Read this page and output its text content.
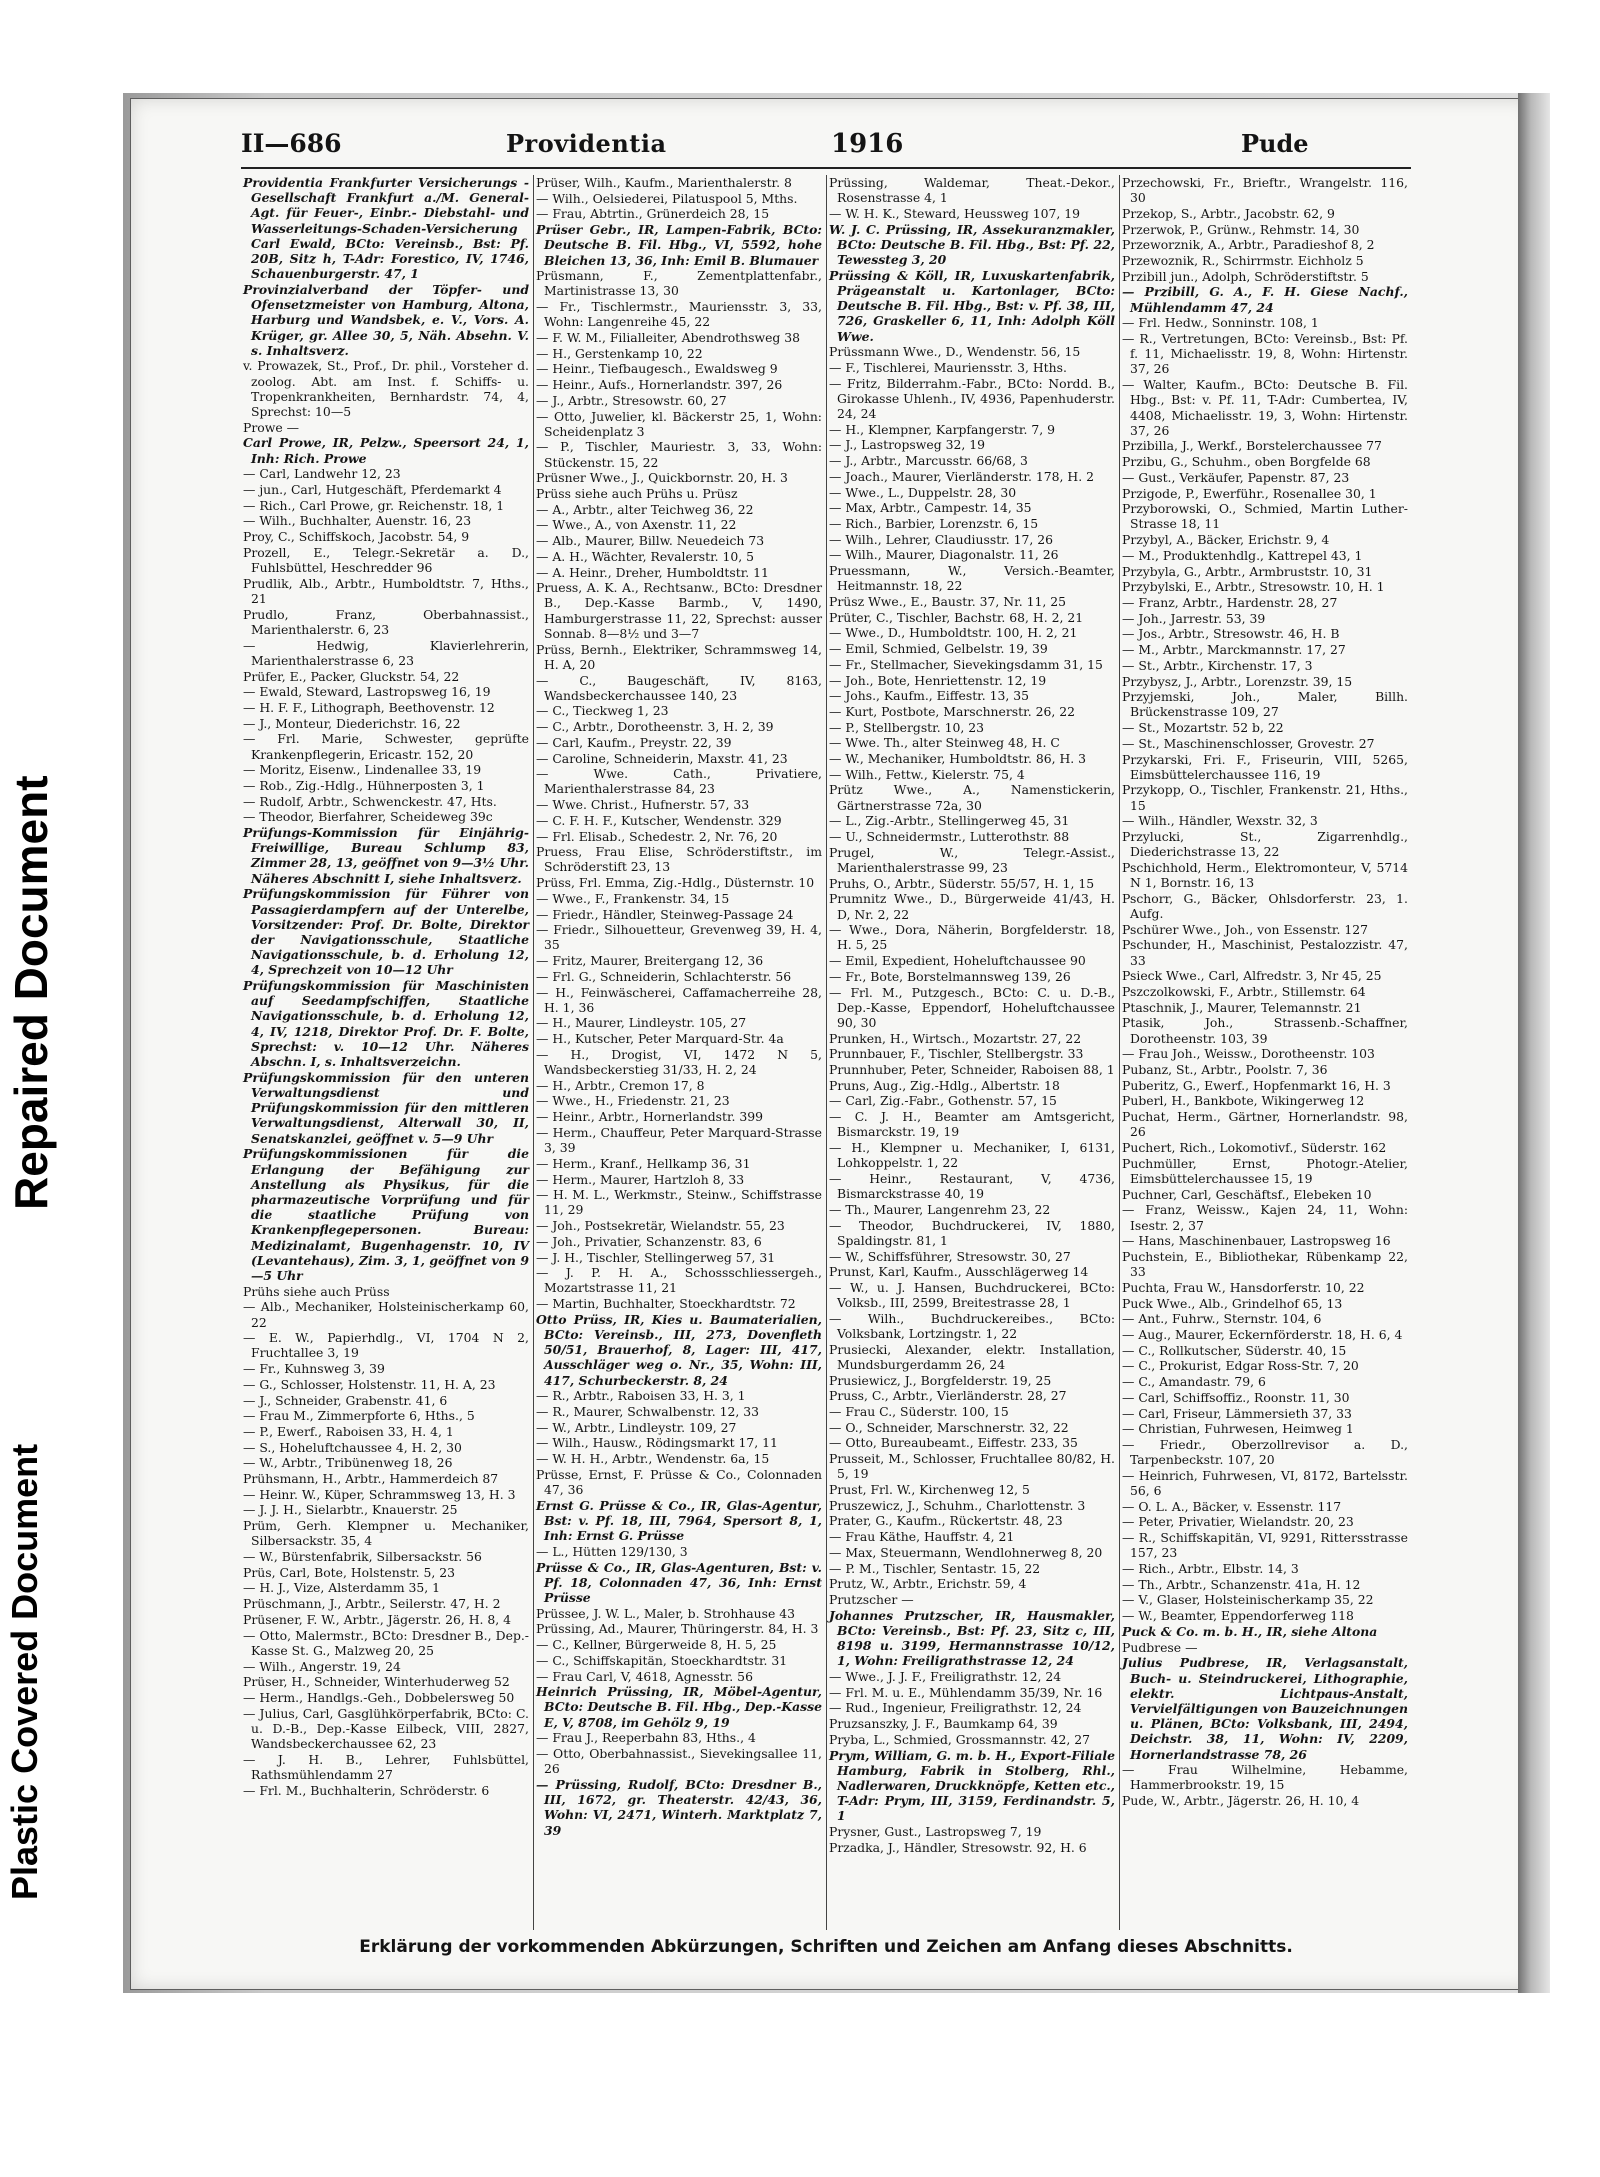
Repaired Document
Plastic Covered Document
II—686	Providentia	1916	Pude
Providentia Frankfurter Versicherungs - Gesellschaft Frankfurt a./M. General-Agt. für Feuer-, Einbr.- Diebstahl- und Wasserleitungs-Schaden-Versicherung Carl Ewald, BCto: Vereinsb., Bst: Pf. 20B, Sitz h, T-Adr: Forestico, IV, 1746, Schauenburgerstr. 47, 1
Provinzialverband der Töpfer- und Ofensetzmeister von Hamburg, Altona, Harburg und Wandsbek, e. V., Vors. A. Krüger, gr. Allee 30, 5, Näh. Absehn. V. s. Inhaltsverz.
v. Prowazek, St., Prof., Dr. phil., Vorsteher d. zoolog. Abt. am Inst. f. Schiffs- u. Tropenkrankheiten, Bernhardstr. 74, 4, Sprechst: 10—5
Prowe —
Carl Prowe, IR, Pelzw., Speersort 24, 1, Inh: Rich. Prowe
— Carl, Landwehr 12, 23
— jun., Carl, Hutgeschäft, Pferdemarkt 4
— Rich., Carl Prowe, gr. Reichenstr. 18, 1
— Wilh., Buchhalter, Auenstr. 16, 23
Proy, C., Schiffskoch, Jacobstr. 54, 9
Prozell, E., Telegr.-Sekretär a. D., Fuhlsbüttel, Heschredder 96
Prudlik, Alb., Arbtr., Humboldtstr. 7, Hths., 21
Prudlo, Franz, Oberbahnassist., Marienthalerstr. 6, 23
— Hedwig, Klavierlehrerin, Marienthalerstrasse 6, 23
Prüfer, E., Packer, Gluckstr. 54, 22
— Ewald, Steward, Lastropsweg 16, 19
— H. F. F., Lithograph, Beethovenstr. 12
— J., Monteur, Diederichstr. 16, 22
— Frl. Marie, Schwester, geprüfte Krankenpflegerin, Ericastr. 152, 20
— Moritz, Eisenw., Lindenallee 33, 19
— Rob., Zig.-Hdlg., Hühnerposten 3, 1
— Rudolf, Arbtr., Schwenckestr. 47, Hts.
— Theodor, Bierfahrer, Scheideweg 39c
Prüfungs-Kommission für Einjährig-Freiwillige, Bureau Schlump 83, Zimmer 28, 13, geöffnet von 9—3½ Uhr. Näheres Abschnitt I, siehe Inhaltsverz.
Prüfungskommission für Führer von Passagierdampfern auf der Unterelbe, Vorsitzender: Prof. Dr. Bolte, Direktor der Navigationsschule, Staatliche Navigationsschule, b. d. Erholung 12, 4, Sprechzeit von 10—12 Uhr
Prüfungskommission für Maschinisten auf Seedampfschiffen, Staatliche Navigationsschule, b. d. Erholung 12, 4, IV, 1218, Direktor Prof. Dr. F. Bolte, Sprechst: v. 10—12 Uhr. Näheres Abschn. I, s. Inhaltsverzeichn.
Prüfungskommission für den unteren Verwaltungsdienst und Prüfungskommission für den mittleren Verwaltungsdienst, Alterwall 30, II, Senatskanzlei, geöffnet v. 5—9 Uhr
Prüfungskommissionen für die Erlangung der Befähigung zur Anstellung als Physikus, für die pharmazeutische Vorprüfung und für die staatliche Prüfung von Krankenpflegepersonen. Bureau: Medizinalamt, Bugenhagenstr. 10, IV (Levantehaus), Zim. 3, 1, geöffnet von 9—5 Uhr
Prühs siehe auch Prüss
— Alb., Mechaniker, Holsteinischerkamp 60, 22
— E. W., Papierhdlg., VI, 1704 N 2, Fruchtallee 3, 19
— Fr., Kuhnsweg 3, 39
— G., Schlosser, Holstenstr. 11, H. A, 23
— J., Schneider, Grabenstr. 41, 6
— Frau M., Zimmerpforte 6, Hths., 5
— P., Ewerf., Raboisen 33, H. 4, 1
— S., Hoheluftchaussee 4, H. 2, 30
— W., Arbtr., Tribünenweg 18, 26
Prühsmann, H., Arbtr., Hammerdeich 87
— Heinr. W., Küper, Schrammsweg 13, H. 3
— J. J. H., Sielarbtr., Knauerstr. 25
Prüm, Gerh. Klempner u. Mechaniker, Silbersackstr. 35, 4
— W., Bürstenfabrik, Silbersackstr. 56
Prüs, Carl, Bote, Holstenstr. 5, 23
— H. J., Vize, Alsterdamm 35, 1
Prüschmann, J., Arbtr., Seilerstr. 47, H. 2
Prüsener, F. W., Arbtr., Jägerstr. 26, H. 8, 4
— Otto, Malermstr., BCto: Dresdner B., Dep.-Kasse St. G., Malzweg 20, 25
— Wilh., Angerstr. 19, 24
Prüser, H., Schneider, Winterhuderweg 52
— Herm., Handlgs.-Geh., Dobbelersweg 50
— Julius, Carl, Gasglühkörperfabrik, BCto: C. u. D.-B., Dep.-Kasse Eilbeck, VIII, 2827, Wandsbeckerchaussee 62, 23
— J. H. B., Lehrer, Fuhlsbüttel, Rathsmühlendamm 27
— Frl. M., Buchhalterin, Schröderstr. 6
Prüser, Wilh., Kaufm., Marienthalerstr. 8
— Wilh., Oelsiederei, Pilatuspool 5, Mths.
— Frau, Abtrtin., Grünerdeich 28, 15
Prüser Gebr., IR, Lampen-Fabrik, BCto: Deutsche B. Fil. Hbg., VI, 5592, hohe Bleichen 13, 36, Inh: Emil B. Blumauer
Prüsmann, F., Zementplattenfabr., Martinistrasse 13, 30
— Fr., Tischlermstr., Mauriensstr. 3, 33, Wohn: Langenreihe 45, 22
— F. W. M., Filialleiter, Abendrothsweg 38
— H., Gerstenkamp 10, 22
— Heinr., Tiefbaugesch., Ewaldsweg 9
— Heinr., Aufs., Hornerlandstr. 397, 26
— J., Arbtr., Stresowstr. 60, 27
— Otto, Juwelier, kl. Bäckerstr 25, 1, Wohn: Scheidenplatz 3
— P., Tischler, Mauriestr. 3, 33, Wohn: Stückenstr. 15, 22
Prüsner Wwe., J., Quickbornstr. 20, H. 3
Prüss siehe auch Prühs u. Prüsz
— A., Arbtr., alter Teichweg 36, 22
— Wwe., A., von Axenstr. 11, 22
— Alb., Maurer, Billw. Neuedeich 73
— A. H., Wächter, Revalerstr. 10, 5
— A. Heinr., Dreher, Humboldtstr. 11
Pruess, A. K. A., Rechtsanw., BCto: Dresdner B., Dep.-Kasse Barmb., V, 1490, Hamburgerstrasse 11, 22, Sprechst: ausser Sonnab. 8—8½ und 3—7
Prüss, Bernh., Elektriker, Schrammsweg 14, H. A, 20
— C., Baugeschäft, IV, 8163, Wandsbeckerchaussee 140, 23
— C., Tieckweg 1, 23
— C., Arbtr., Dorotheenstr. 3, H. 2, 39
— Carl, Kaufm., Preystr. 22, 39
— Caroline, Schneiderin, Maxstr. 41, 23
— Wwe. Cath., Privatiere, Marienthalerstrasse 84, 23
— Wwe. Christ., Hufnerstr. 57, 33
— C. F. H. F., Kutscher, Wendenstr. 329
— Frl. Elisab., Schedestr. 2, Nr. 76, 20
Pruess, Frau Elise, Schröderstiftstr., im Schröderstift 23, 13
Prüss, Frl. Emma, Zig.-Hdlg., Düsternstr. 10
— Wwe., F., Frankenstr. 34, 15
— Friedr., Händler, Steinweg-Passage 24
— Friedr., Silhouetteur, Grevenweg 39, H. 4, 35
— Fritz, Maurer, Breitergang 12, 36
— Frl. G., Schneiderin, Schlachterstr. 56
— H., Feinwäscherei, Caffamacherreihe 28, H. 1, 36
— H., Maurer, Lindleystr. 105, 27
— H., Kutscher, Peter Marquard-Str. 4a
— H., Drogist, VI, 1472 N 5, Wandsbeckerstieg 31/33, H. 2, 24
— H., Arbtr., Cremon 17, 8
— Wwe., H., Friedenstr. 21, 23
— Heinr., Arbtr., Hornerlandstr. 399
— Herm., Chauffeur, Peter Marquard-Strasse 3, 39
— Herm., Kranf., Hellkamp 36, 31
— Herm., Maurer, Hartzloh 8, 33
— H. M. L., Werkmstr., Steinw., Schiffstrasse 11, 29
— Joh., Postsekretär, Wielandstr. 55, 23
— Joh., Privatier, Schanzenstr. 83, 6
— J. H., Tischler, Stellingerweg 57, 31
— J. P. H. A., Schossschliessergeh., Mozartstrasse 11, 21
— Martin, Buchhalter, Stoeckhardtstr. 72
Otto Prüss, IR, Kies u. Baumaterialien, BCto: Vereinsb., III, 273, Dovenfleth 50/51, Brauerhof, 8, Lager: III, 417, Ausschläger weg o. Nr., 35, Wohn: III, 417, Schurbeckerstr. 8, 24
— R., Arbtr., Raboisen 33, H. 3, 1
— R., Maurer, Schwalbenstr. 12, 33
— W., Arbtr., Lindleystr. 109, 27
— Wilh., Hausw., Rödingsmarkt 17, 11
— W. H. H., Arbtr., Wendenstr. 6a, 15
Prüsse, Ernst, F. Prüsse & Co., Colonnaden 47, 36
Ernst G. Prüsse & Co., IR, Glas-Agentur, Bst: v. Pf. 18, III, 7964, Spersort 8, 1, Inh: Ernst G. Prüsse
— L., Hütten 129/130, 3
Prüsse & Co., IR, Glas-Agenturen, Bst: v. Pf. 18, Colonnaden 47, 36, Inh: Ernst Prüsse
Prüssee, J. W. L., Maler, b. Strohhause 43
Prüssing, Ad., Maurer, Thüringerstr. 84, H. 3
— C., Kellner, Bürgerweide 8, H. 5, 25
— C., Schiffskapitän, Stoeckhardtstr. 31
— Frau Carl, V, 4618, Agnesstr. 56
Heinrich Prüssing, IR, Möbel-Agentur, BCto: Deutsche B. Fil. Hbg., Dep.-Kasse E, V, 8708, im Gehölz 9, 19
— Frau J., Reeperbahn 83, Hths., 4
— Otto, Oberbahnassist., Sievekingsallee 11, 26
— Prüssing, Rudolf, BCto: Dresdner B., III, 1672, gr. Theaterstr. 42/43, 36, Wohn: VI, 2471, Winterh. Marktplatz 7, 39
Prüssing, Waldemar, Theat.-Dekor., Rosenstrasse 4, 1
— W. H. K., Steward, Heussweg 107, 19
W. J. C. Prüssing, IR, Assekuranzmakler, BCto: Deutsche B. Fil. Hbg., Bst: Pf. 22, Tewessteg 3, 20
Prüssing & Köll, IR, Luxuskartenfabrik, Prägeanstalt u. Kartonlager, BCto: Deutsche B. Fil. Hbg., Bst: v. Pf. 38, III, 726, Graskeller 6, 11, Inh: Adolph Köll Wwe.
Prüssmann Wwe., D., Wendenstr. 56, 15
— F., Tischlerei, Mauriensstr. 3, Hths.
— Fritz, Bilderrahm.-Fabr., BCto: Nordd. B., Girokasse Uhlenh., IV, 4936, Papenhuderstr. 24, 24
— H., Klempner, Karpfangerstr. 7, 9
— J., Lastropsweg 32, 19
— J., Arbtr., Marcusstr. 66/68, 3
— Joach., Maurer, Vierländerstr. 178, H. 2
— Wwe., L., Duppelstr. 28, 30
— Max, Arbtr., Campestr. 14, 35
— Rich., Barbier, Lorenzstr. 6, 15
— Wilh., Lehrer, Claudiusstr. 17, 26
— Wilh., Maurer, Diagonalstr. 11, 26
Pruessmann, W., Versich.-Beamter, Heitmannstr. 18, 22
Prüsz Wwe., E., Baustr. 37, Nr. 11, 25
Prüter, C., Tischler, Bachstr. 68, H. 2, 21
— Wwe., D., Humboldtstr. 100, H. 2, 21
— Emil, Schmied, Gelbelstr. 19, 39
— Fr., Stellmacher, Sievekingsdamm 31, 15
— Joh., Bote, Henriettenstr. 12, 19
— Johs., Kaufm., Eiffestr. 13, 35
— Kurt, Postbote, Marschnerstr. 26, 22
— P., Stellbergstr. 10, 23
— Wwe. Th., alter Steinweg 48, H. C
— W., Mechaniker, Humboldtstr. 86, H. 3
— Wilh., Fettw., Kielerstr. 75, 4
Prütz Wwe., A., Namenstickerin, Gärtnerstrasse 72a, 30
— L., Zig.-Arbtr., Stellingerweg 45, 31
— U., Schneidermstr., Lutterothstr. 88
Prugel, W., Telegr.-Assist., Marienthalerstrasse 99, 23
Pruhs, O., Arbtr., Süderstr. 55/57, H. 1, 15
Prumnitz Wwe., D., Bürgerweide 41/43, H. D, Nr. 2, 22
— Wwe., Dora, Näherin, Borgfelderstr. 18, H. 5, 25
— Emil, Expedient, Hoheluftchaussee 90
— Fr., Bote, Borstelmannsweg 139, 26
— Frl. M., Putzgesch., BCto: C. u. D.-B., Dep.-Kasse, Eppendorf, Hoheluftchaussee 90, 30
Prunken, H., Wirtsch., Mozartstr. 27, 22
Prunnbauer, F., Tischler, Stellbergstr. 33
Prunnhuber, Peter, Schneider, Raboisen 88, 1
Pruns, Aug., Zig.-Hdlg., Albertstr. 18
— Carl, Zig.-Fabr., Gothenstr. 57, 15
— C. J. H., Beamter am Amtsgericht, Bismarckstr. 19, 19
— H., Klempner u. Mechaniker, I, 6131, Lohkoppelstr. 1, 22
— Heinr., Restaurant, V, 4736, Bismarckstrasse 40, 19
— Th., Maurer, Langenrehm 23, 22
— Theodor, Buchdruckerei, IV, 1880, Spaldingstr. 81, 1
— W., Schiffsführer, Stresowstr. 30, 27
Prunst, Karl, Kaufm., Ausschlägerweg 14
— W., u. J. Hansen, Buchdruckerei, BCto: Volksb., III, 2599, Breitestrasse 28, 1
— Wilh., Buchdruckereibes., BCto: Volksbank, Lortzingstr. 1, 22
Prusiecki, Alexander, elektr. Installation, Mundsburgerdamm 26, 24
Prusiewicz, J., Borgfelderstr. 19, 25
Pruss, C., Arbtr., Vierländerstr. 28, 27
— Frau C., Süderstr. 100, 15
— O., Schneider, Marschnerstr. 32, 22
— Otto, Bureaubeamt., Eiffestr. 233, 35
Prusseit, M., Schlosser, Fruchtallee 80/82, H. 5, 19
Prust, Frl. W., Kirchenweg 12, 5
Pruszewicz, J., Schuhm., Charlottenstr. 3
Prater, G., Kaufm., Rückertstr. 48, 23
— Frau Käthe, Hauffstr. 4, 21
— Max, Steuermann, Wendlohnerweg 8, 20
— P. M., Tischler, Sentastr. 15, 22
Prutz, W., Arbtr., Erichstr. 59, 4
Prutzscher —
Johannes Prutzscher, IR, Hausmakler, BCto: Vereinsb., Bst: Pf. 23, Sitz c, III, 8198 u. 3199, Hermannstrasse 10/12, 1, Wohn: Freiligrathstrasse 12, 24
— Wwe., J. J. F., Freiligrathstr. 12, 24
— Frl. M. u. E., Mühlendamm 35/39, Nr. 16
— Rud., Ingenieur, Freiligrathstr. 12, 24
Pruzsanszky, J. F., Baumkamp 64, 39
Pryba, L., Schmied, Grossmannstr. 42, 27
Prym, William, G. m. b. H., Export-Filiale Hamburg, Fabrik in Stolberg, Rhl., Nadlerwaren, Druckknöpfe, Ketten etc., T-Adr: Prym, III, 3159, Ferdinandstr. 5, 1
Prysner, Gust., Lastropsweg 7, 19
Przadka, J., Händler, Stresowstr. 92, H. 6
Przechowski, Fr., Brieftr., Wrangelstr. 116, 30
Przekop, S., Arbtr., Jacobstr. 62, 9
Przerwok, P., Grünw., Rehmstr. 14, 30
Przeworznik, A., Arbtr., Paradieshof 8, 2
Przewoznik, R., Schirrmstr. Eichholz 5
Przibill jun., Adolph, Schröderstiftstr. 5
— Przibill, G. A., F. H. Giese Nachf., Mühlendamm 47, 24
— Frl. Hedw., Sonninstr. 108, 1
— R., Vertretungen, BCto: Vereinsb., Bst: Pf. f. 11, Michaelisstr. 19, 8, Wohn: Hirtenstr. 37, 26
— Walter, Kaufm., BCto: Deutsche B. Fil. Hbg., Bst: v. Pf. 11, T-Adr: Cumbertea, IV, 4408, Michaelisstr. 19, 3, Wohn: Hirtenstr. 37, 26
Przibilla, J., Werkf., Borstelerchaussee 77
Przibu, G., Schuhm., oben Borgfelde 68
— Gust., Verkäufer, Papenstr. 87, 23
Przigode, P., Ewerführ., Rosenallee 30, 1
Przyborowski, O., Schmied, Martin Luther-Strasse 18, 11
Przybyl, A., Bäcker, Erichstr. 9, 4
— M., Produktenhdlg., Kattrepel 43, 1
Przybyla, G., Arbtr., Armbruststr. 10, 31
Przybylski, E., Arbtr., Stresowstr. 10, H. 1
— Franz, Arbtr., Hardenstr. 28, 27
— Joh., Jarrestr. 53, 39
— Jos., Arbtr., Stresowstr. 46, H. B
— M., Arbtr., Marckmannstr. 17, 27
— St., Arbtr., Kirchenstr. 17, 3
Przybysz, J., Arbtr., Lorenzstr. 39, 15
Przyjemski, Joh., Maler, Billh. Brückenstrasse 109, 27
— St., Mozartstr. 52 b, 22
— St., Maschinenschlosser, Grovestr. 27
Przykarski, Fri. F., Friseurin, VIII, 5265, Eimsbüttelerchaussee 116, 19
Przykopp, O., Tischler, Frankenstr. 21, Hths., 15
— Wilh., Händler, Wexstr. 32, 3
Przylucki, St., Zigarrenhdlg., Diederichstrasse 13, 22
Pschichhold, Herm., Elektromonteur, V, 5714 N 1, Bornstr. 16, 13
Pschorr, G., Bäcker, Ohlsdorferstr. 23, 1. Aufg.
Pschürer Wwe., Joh., von Essenstr. 127
Pschunder, H., Maschinist, Pestalozzistr. 47, 33
Psieck Wwe., Carl, Alfredstr. 3, Nr 45, 25
Pszczolkowski, F., Arbtr., Stillemstr. 64
Ptaschnik, J., Maurer, Telemannstr. 21
Ptasik, Joh., Strassenb.-Schaffner, Dorotheenstr. 103, 39
— Frau Joh., Weissw., Dorotheenstr. 103
Pubanz, St., Arbtr., Poolstr. 7, 36
Puberitz, G., Ewerf., Hopfenmarkt 16, H. 3
Puberl, H., Bankbote, Wikingerweg 12
Puchat, Herm., Gärtner, Hornerlandstr. 98, 26
Puchert, Rich., Lokomotivf., Süderstr. 162
Puchmüller, Ernst, Photogr.-Atelier, Eimsbüttelerchaussee 15, 19
Puchner, Carl, Geschäftsf., Elebeken 10
— Franz, Weissw., Kajen 24, 11, Wohn: Isestr. 2, 37
— Hans, Maschinenbauer, Lastropsweg 16
Puchstein, E., Bibliothekar, Rübenkamp 22, 33
Puchta, Frau W., Hansdorferstr. 10, 22
Puck Wwe., Alb., Grindelhof 65, 13
— Ant., Fuhrw., Sternstr. 104, 6
— Aug., Maurer, Eckernförderstr. 18, H. 6, 4
— C., Rollkutscher, Süderstr. 40, 15
— C., Prokurist, Edgar Ross-Str. 7, 20
— C., Amandastr. 79, 6
— Carl, Schiffsoffiz., Roonstr. 11, 30
— Carl, Friseur, Lämmersieth 37, 33
— Christian, Fuhrwesen, Heimweg 1
— Friedr., Oberzollrevisor a. D., Tarpenbeckstr. 107, 20
— Heinrich, Fuhrwesen, VI, 8172, Bartelsstr. 56, 6
— O. L. A., Bäcker, v. Essenstr. 117
— Peter, Privatier, Wielandstr. 20, 23
— R., Schiffskapitän, VI, 9291, Rittersstrasse 157, 23
— Rich., Arbtr., Elbstr. 14, 3
— Th., Arbtr., Schanzenstr. 41a, H. 12
— V., Glaser, Holsteinischerkamp 35, 22
— W., Beamter, Eppendorferweg 118
Puck & Co. m. b. H., IR, siehe Altona
Pudbrese —
Julius Pudbrese, IR, Verlagsanstalt, Buch- u. Steindruckerei, Lithographie, elektr. Lichtpaus-Anstalt, Vervielfältigungen von Bauzeichnungen u. Plänen, BCto: Volksbank, III, 2494, Deichstr. 38, 11, Wohn: IV, 2209, Hornerlandstrasse 78, 26
— Frau Wilhelmine, Hebamme, Hammerbrookstr. 19, 15
Pude, W., Arbtr., Jägerstr. 26, H. 10, 4
Erklärung der vorkommenden Abkürzungen, Schriften und Zeichen am Anfang dieses Abschnitts.
